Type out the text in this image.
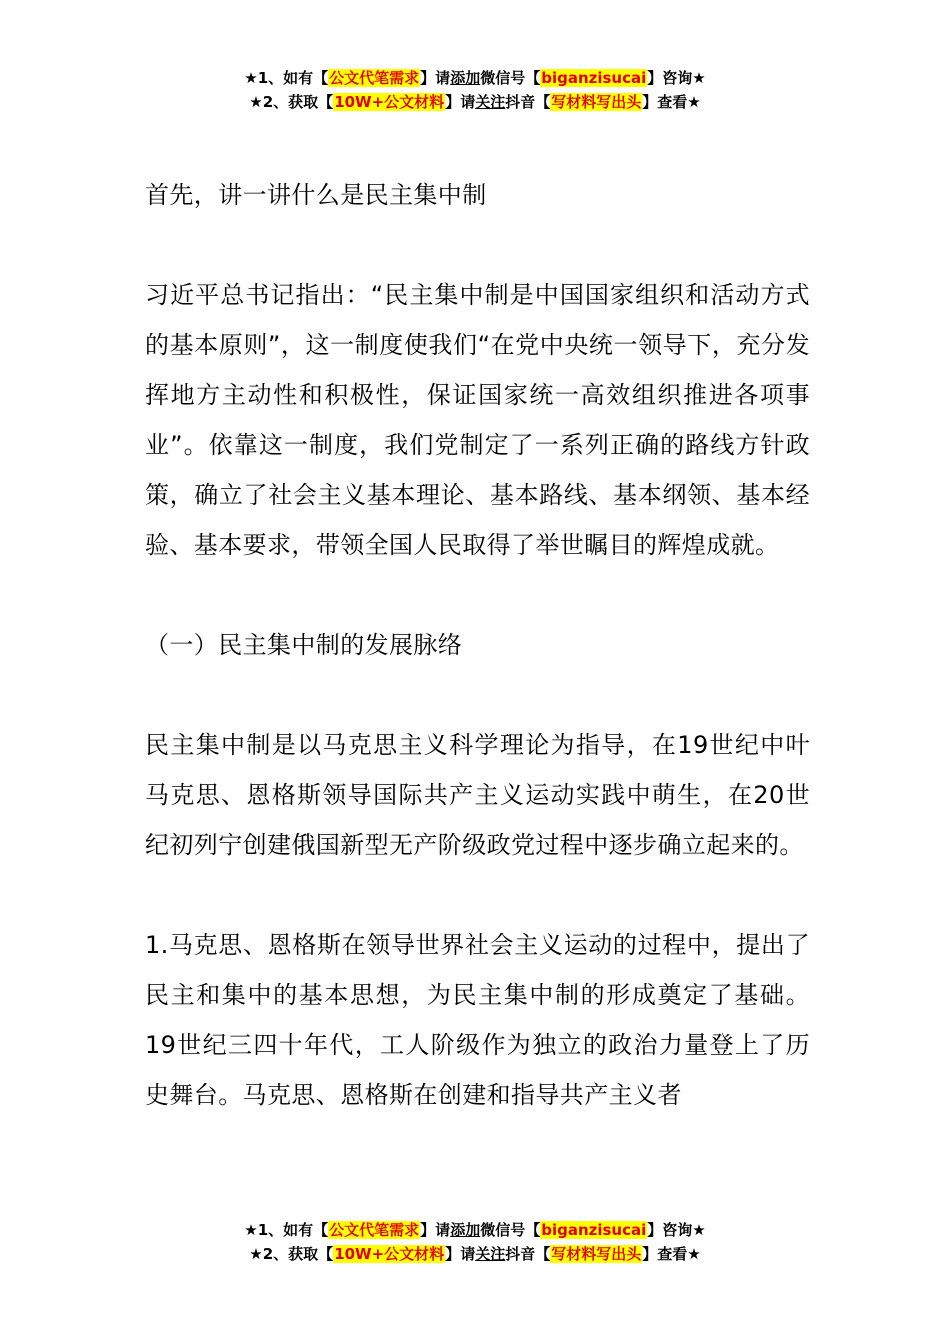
★1、如有【公文代笔需求】请添加微信号【biganzisucai】咨询★
★2、获取【10W+公文材料】请关注抖音【写材料写出头】查看★

首先，讲一讲什么是民主集中制

习近平总书记指出：“民主集中制是中国国家组织和活动方式的基本原则”，这一制度使我们“在党中央统一领导下，充分发挥地方主动性和积极性，保证国家统一高效组织推进各项事业”。依靠这一制度，我们党制定了一系列正确的路线方针政策，确立了社会主义基本理论、基本路线、基本纲领、基本经验、基本要求，带领全国人民取得了举世瞩目的辉煌成就。

（一）民主集中制的发展脉络

民主集中制是以马克思主义科学理论为指导，在19世纪中叶马克思、恩格斯领导国际共产主义运动实践中萌生，在20世纪初列宁创建俄国新型无产阶级政党过程中逐步确立起来的。

1.马克思、恩格斯在领导世界社会主义运动的过程中，提出了民主和集中的基本思想，为民主集中制的形成奠定了基础。19世纪三四十年代，工人阶级作为独立的政治力量登上了历史舞台。马克思、恩格斯在创建和指导共产主义者

★1、如有【公文代笔需求】请添加微信号【biganzisucai】咨询★
★2、获取【10W+公文材料】请关注抖音【写材料写出头】查看★
